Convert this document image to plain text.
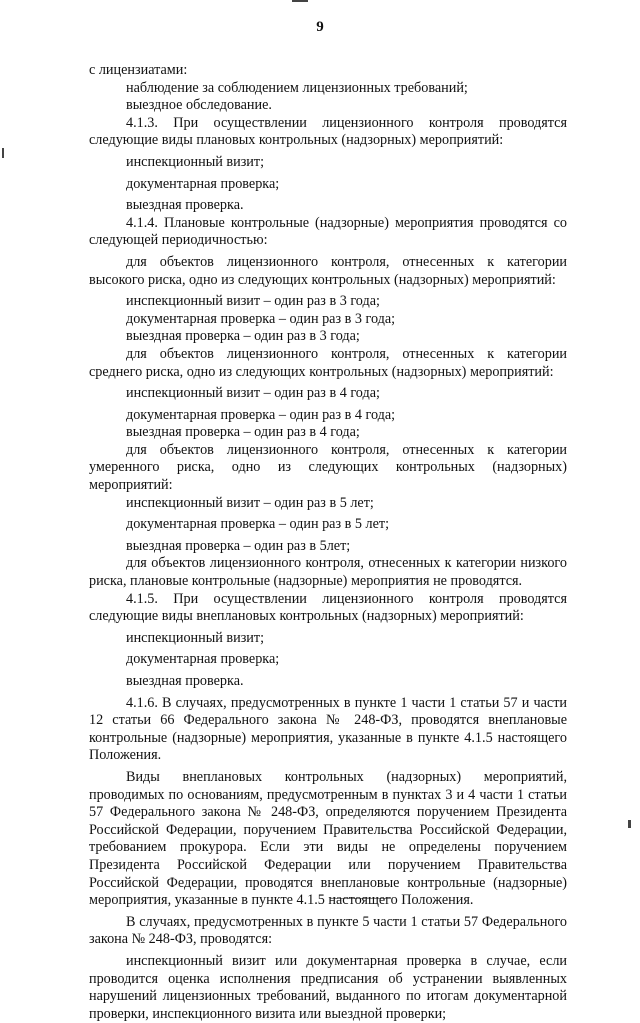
9

с лицензиатами:

наблюдение за соблюдением лицензионных требований;

выездное обследование.

4.1.3. При осуществлении лицензионного контроля проводятся следующие виды плановых контрольных (надзорных) мероприятий:

инспекционный визит;

документарная проверка;

выездная проверка.

4.1.4. Плановые контрольные (надзорные) мероприятия проводятся со следующей периодичностью:

для объектов лицензионного контроля, отнесенных к категории высокого риска, одно из следующих контрольных (надзорных) мероприятий:

инспекционный визит – один раз в 3 года;

документарная проверка – один раз в 3 года;

выездная проверка – один раз в 3 года;

для объектов лицензионного контроля, отнесенных к категории среднего риска, одно из следующих контрольных (надзорных) мероприятий:

инспекционный визит – один раз в 4 года;

документарная проверка – один раз в 4 года;

выездная проверка – один раз в 4 года;

для объектов лицензионного контроля, отнесенных к категории умеренного риска, одно из следующих контрольных (надзорных) мероприятий:

инспекционный визит – один раз в 5 лет;

документарная проверка – один раз в 5 лет;

выездная проверка – один раз в 5лет;

для объектов лицензионного контроля, отнесенных к категории низкого риска, плановые контрольные (надзорные) мероприятия не проводятся.

4.1.5. При осуществлении лицензионного контроля проводятся следующие виды внеплановых контрольных (надзорных) мероприятий:

инспекционный визит;

документарная проверка;

выездная проверка.

4.1.6. В случаях, предусмотренных в пункте 1 части 1 статьи 57 и части 12 статьи 66 Федерального закона № 248-ФЗ, проводятся внеплановые контрольные (надзорные) мероприятия, указанные в пункте 4.1.5 настоящего Положения.

Виды внеплановых контрольных (надзорных) мероприятий, проводимых по основаниям, предусмотренным в пунктах 3 и 4 части 1 статьи 57 Федерального закона № 248-ФЗ, определяются поручением Президента Российской Федерации, поручением Правительства Российской Федерации, требованием прокурора. Если эти виды не определены поручением Президента Российской Федерации или поручением Правительства Российской Федерации, проводятся внеплановые контрольные (надзорные) мероприятия, указанные в пункте 4.1.5 настоящего Положения.

В случаях, предусмотренных в пункте 5 части 1 статьи 57 Федерального закона № 248-ФЗ, проводятся:

инспекционный визит или документарная проверка в случае, если проводится оценка исполнения предписания об устранении выявленных нарушений лицензионных требований, выданного по итогам документарной проверки, инспекционного визита или выездной проверки;
